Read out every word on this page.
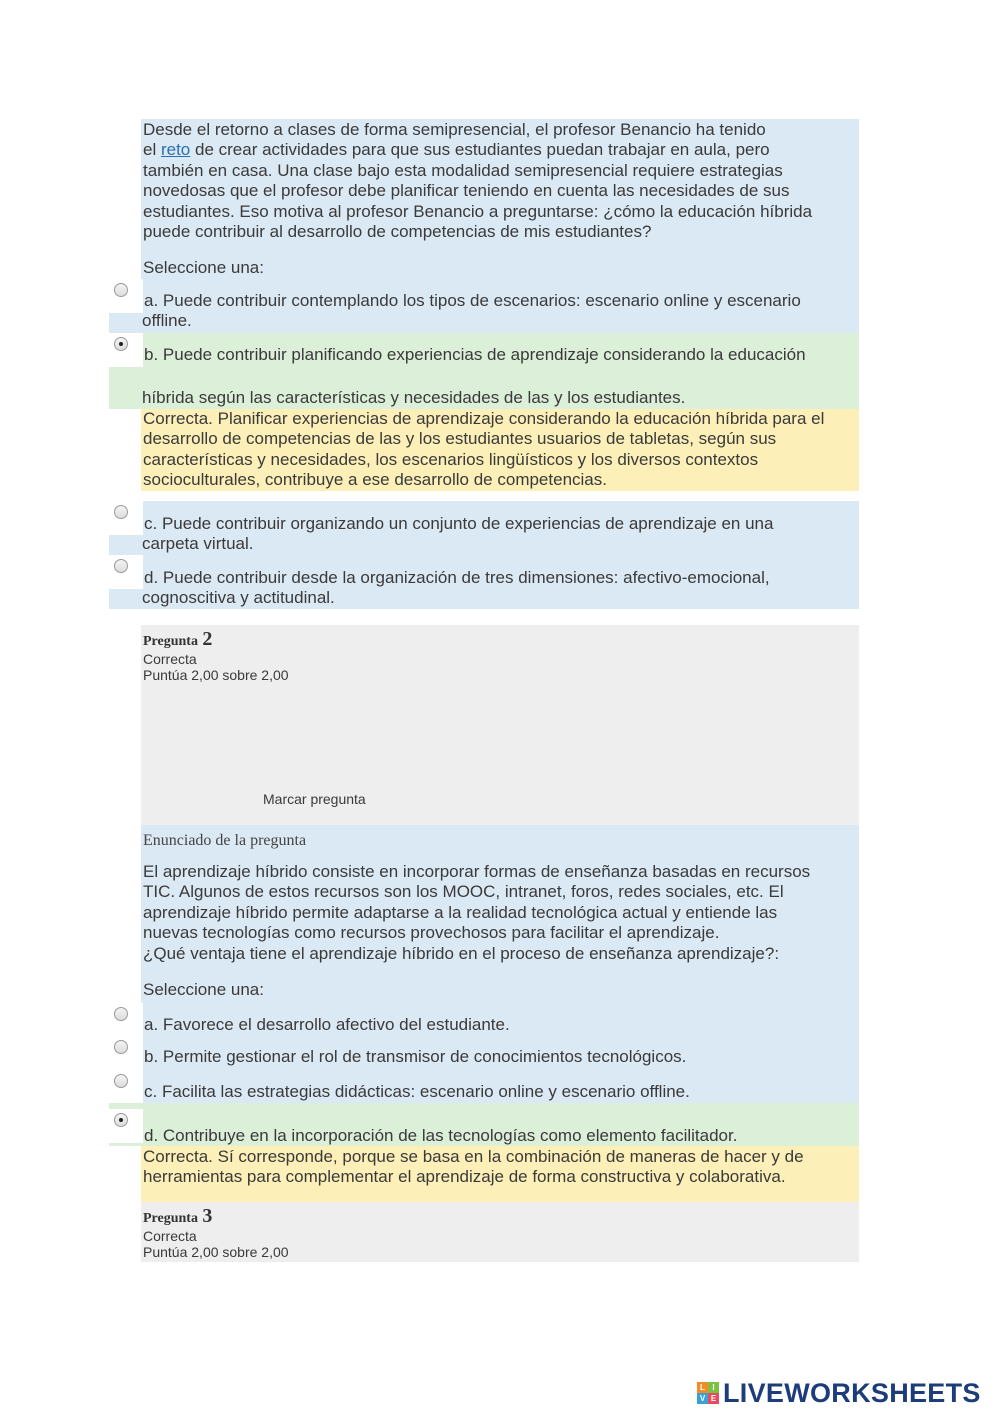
Desde el retorno a clases de forma semipresencial, el profesor Benancio ha tenido
el reto de crear actividades para que sus estudiantes puedan trabajar en aula, pero
también en casa. Una clase bajo esta modalidad semipresencial requiere estrategias
novedosas que el profesor debe planificar teniendo en cuenta las necesidades de sus
estudiantes. Eso motiva al profesor Benancio a preguntarse: ¿cómo la educación híbrida
puede contribuir al desarrollo de competencias de mis estudiantes?
Seleccione una:
a. Puede contribuir contemplando los tipos de escenarios: escenario online y escenario
offline.
b. Puede contribuir planificando experiencias de aprendizaje considerando la educación
híbrida según las características y necesidades de las y los estudiantes.
Correcta. Planificar experiencias de aprendizaje considerando la educación híbrida para el
desarrollo de competencias de las y los estudiantes usuarios de tabletas, según sus
características y necesidades, los escenarios lingüísticos y los diversos contextos
socioculturales, contribuye a ese desarrollo de competencias.
c. Puede contribuir organizando un conjunto de experiencias de aprendizaje en una
carpeta virtual.
d. Puede contribuir desde la organización de tres dimensiones: afectivo-emocional,
cognoscitiva y actitudinal.
Pregunta 2
Correcta
Puntúa 2,00 sobre 2,00
Marcar pregunta
Enunciado de la pregunta
El aprendizaje híbrido consiste en incorporar formas de enseñanza basadas en recursos
TIC. Algunos de estos recursos son los MOOC, intranet, foros, redes sociales, etc. El
aprendizaje híbrido permite adaptarse a la realidad tecnológica actual y entiende las
nuevas tecnologías como recursos provechosos para facilitar el aprendizaje.
¿Qué ventaja tiene el aprendizaje híbrido en el proceso de enseñanza aprendizaje?:
Seleccione una:
a. Favorece el desarrollo afectivo del estudiante.
b. Permite gestionar el rol de transmisor de conocimientos tecnológicos.
c. Facilita las estrategias didácticas: escenario online y escenario offline.
d. Contribuye en la incorporación de las tecnologías como elemento facilitador.
Correcta. Sí corresponde, porque se basa en la combinación de maneras de hacer y de
herramientas para complementar el aprendizaje de forma constructiva y colaborativa.
Pregunta 3
Correcta
Puntúa 2,00 sobre 2,00
L I
V E LIVEWORKSHEETS
